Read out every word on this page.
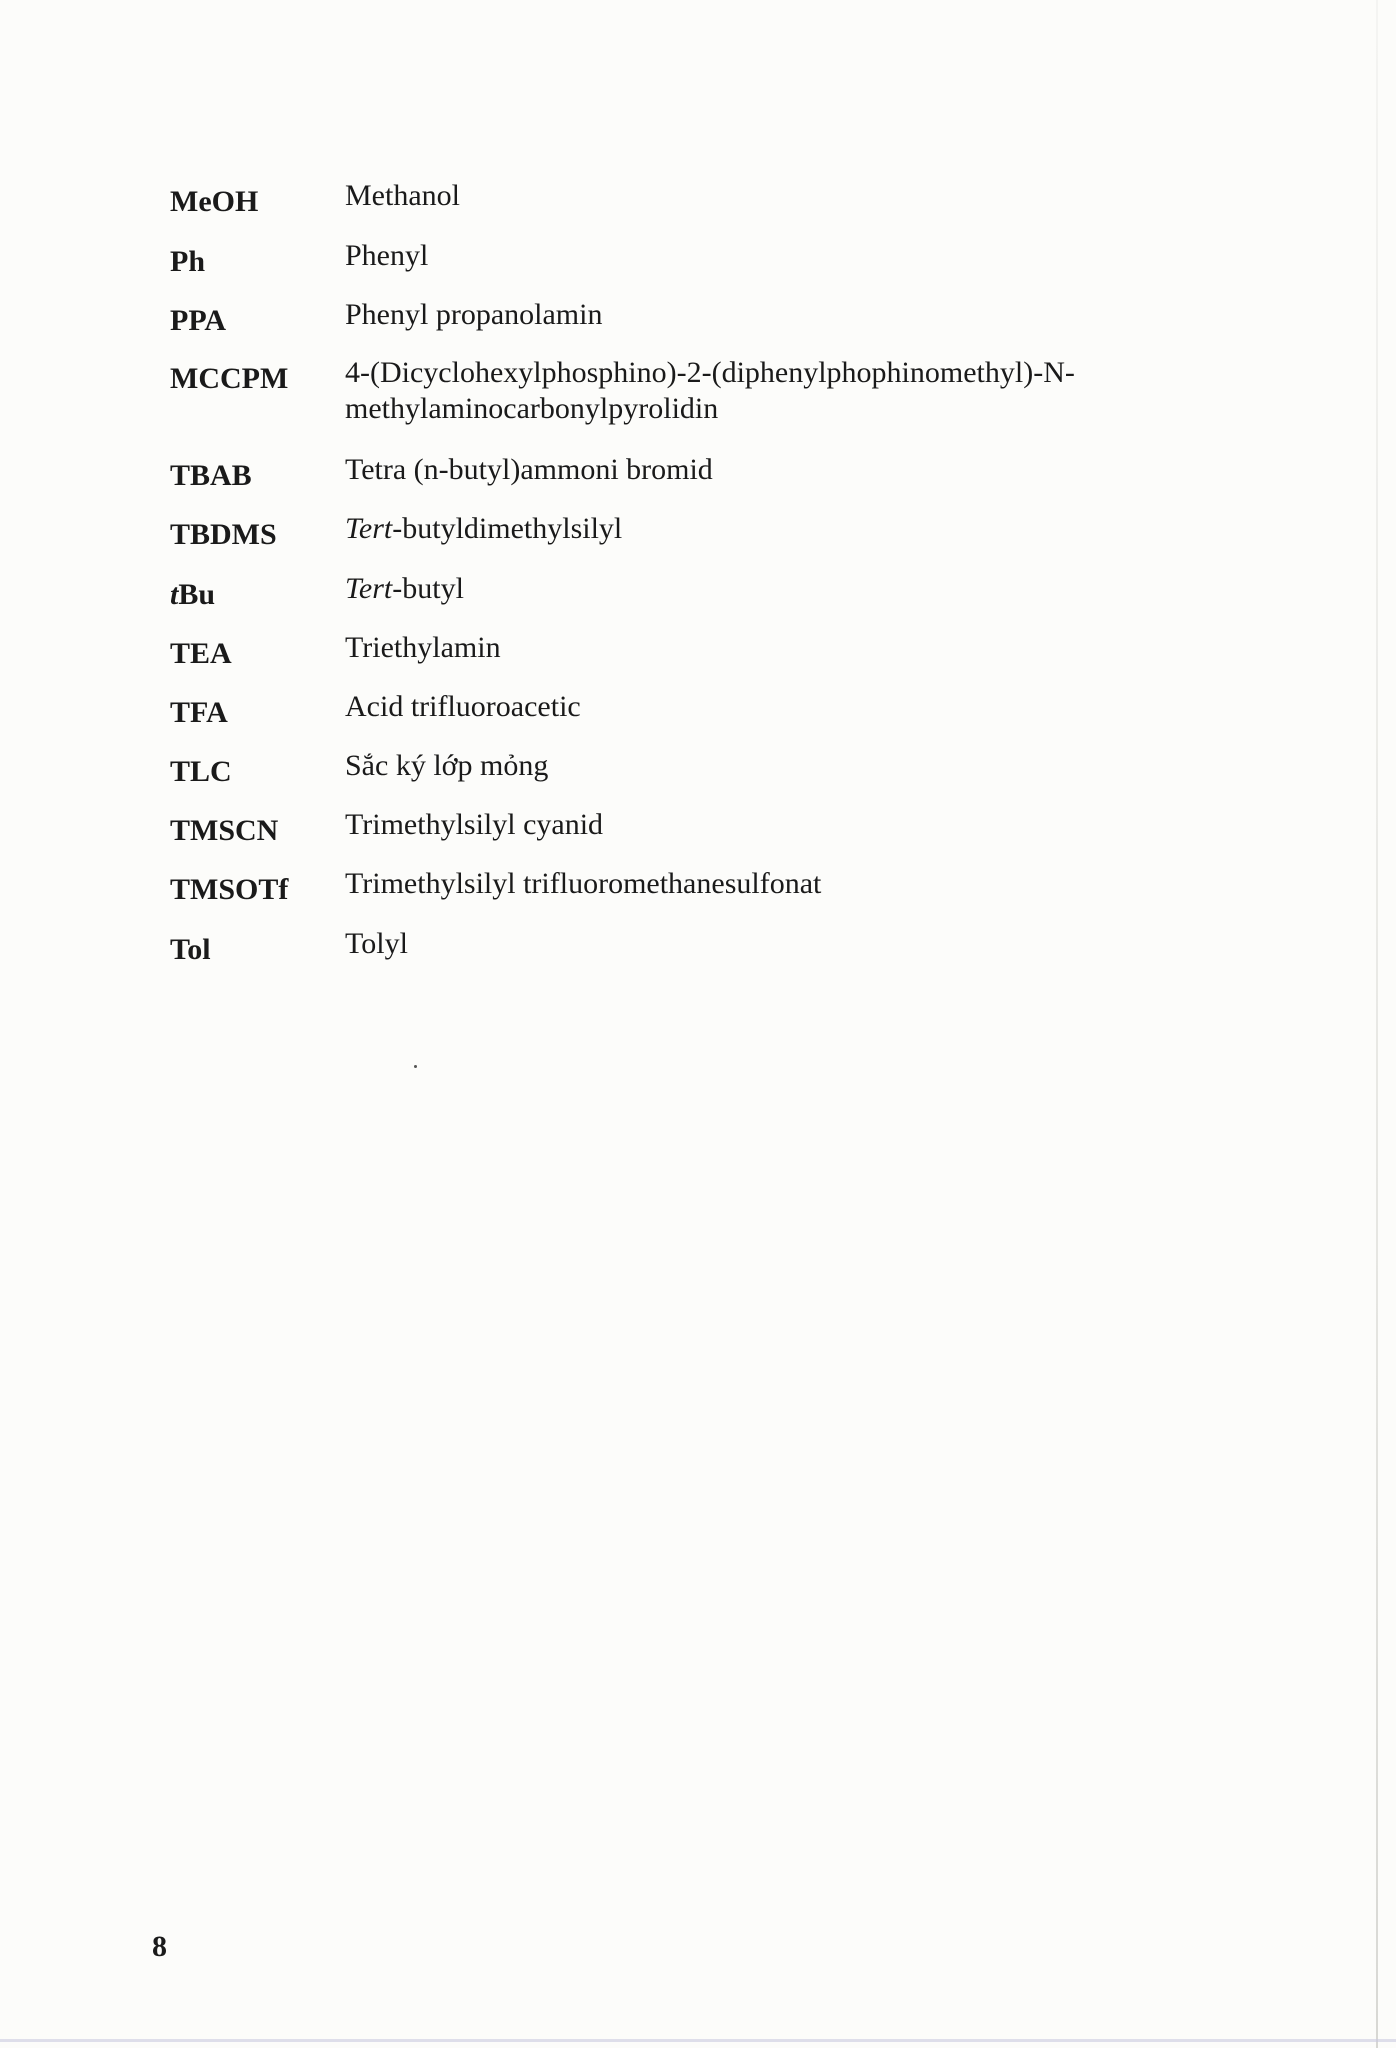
MeOH	Methanol
Ph	Phenyl
PPA	Phenyl propanolamin
MCCPM	4-(Dicyclohexylphosphino)-2-(diphenylphophinomethyl)-N-methylaminocarbonylpyrolidin
TBAB	Tetra (n-butyl)ammoni bromid
TBDMS	Tert-butyldimethylsilyl
tBu	Tert-butyl
TEA	Triethylamin
TFA	Acid trifluoroacetic
TLC	Sắc ký lớp mỏng
TMSCN	Trimethylsilyl cyanid
TMSOTf	Trimethylsilyl trifluoromethanesulfonat
Tol	Tolyl
8
